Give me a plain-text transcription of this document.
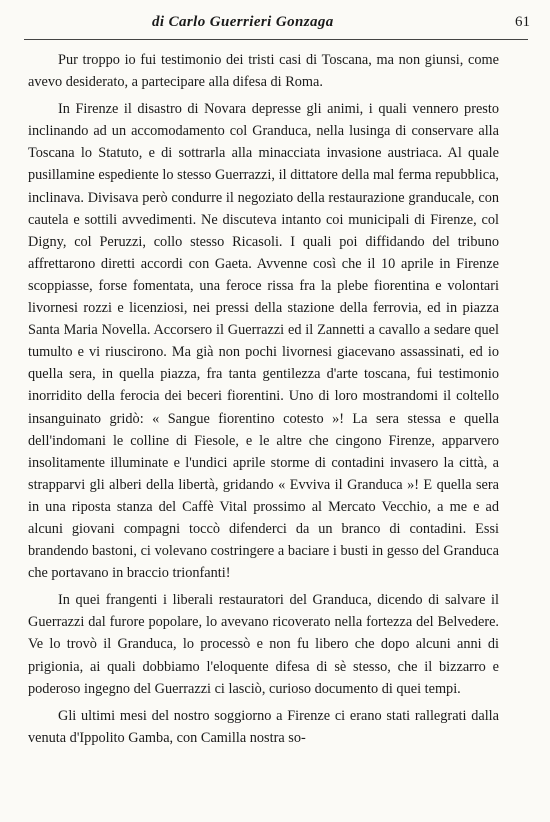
di Carlo Guerrieri Gonzaga	61

Pur troppo io fui testimonio dei tristi casi di Toscana, ma non giunsi, come avevo desiderato, a partecipare alla difesa di Roma.

In Firenze il disastro di Novara depresse gli animi, i quali vennero presto inclinando ad un accomodamento col Granduca, nella lusinga di conservare alla Toscana lo Statuto, e di sottrarla alla minacciata invasione austriaca. Al quale pusillamine espediente lo stesso Guerrazzi, il dittatore della mal ferma repubblica, inclinava. Divisava però condurre il negoziato della restaurazione granducale, con cautela e sottili avvedimenti. Ne discuteva intanto coi municipali di Firenze, col Digny, col Peruzzi, collo stesso Ricasoli. I quali poi diffidando del tribuno affrettarono diretti accordi con Gaeta. Avvenne così che il 10 aprile in Firenze scoppiasse, forse fomentata, una feroce rissa fra la plebe fiorentina e volontari livornesi rozzi e licenziosi, nei pressi della stazione della ferrovia, ed in piazza Santa Maria Novella. Accorsero il Guerrazzi ed il Zannetti a cavallo a sedare quel tumulto e vi riuscirono. Ma già non pochi livornesi giacevano assassinati, ed io quella sera, in quella piazza, fra tanta gentilezza d'arte toscana, fui testimonio inorridito della ferocia dei beceri fiorentini. Uno di loro mostrandomi il coltello insanguinato gridò: « Sangue fiorentino cotesto »! La sera stessa e quella dell'indomani le colline di Fiesole, e le altre che cingono Firenze, apparvero insolitamente illuminate e l'undici aprile storme di contadini invasero la città, a strapparvi gli alberi della libertà, gridando « Evviva il Granduca »! E quella sera in una riposta stanza del Caffè Vital prossimo al Mercato Vecchio, a me e ad alcuni giovani compagni toccò difenderci da un branco di contadini. Essi brandendo bastoni, ci volevano costringere a baciare i busti in gesso del Granduca che portavano in braccio trionfanti!

In quei frangenti i liberali restauratori del Granduca, dicendo di salvare il Guerrazzi dal furore popolare, lo avevano ricoverato nella fortezza del Belvedere. Ve lo trovò il Granduca, lo processò e non fu libero che dopo alcuni anni di prigionia, ai quali dobbiamo l'eloquente difesa di sè stesso, che il bizzarro e poderoso ingegno del Guerrazzi ci lasciò, curioso documento di quei tempi.

Gli ultimi mesi del nostro soggiorno a Firenze ci erano stati rallegrati dalla venuta d'Ippolito Gamba, con Camilla nostra so-
